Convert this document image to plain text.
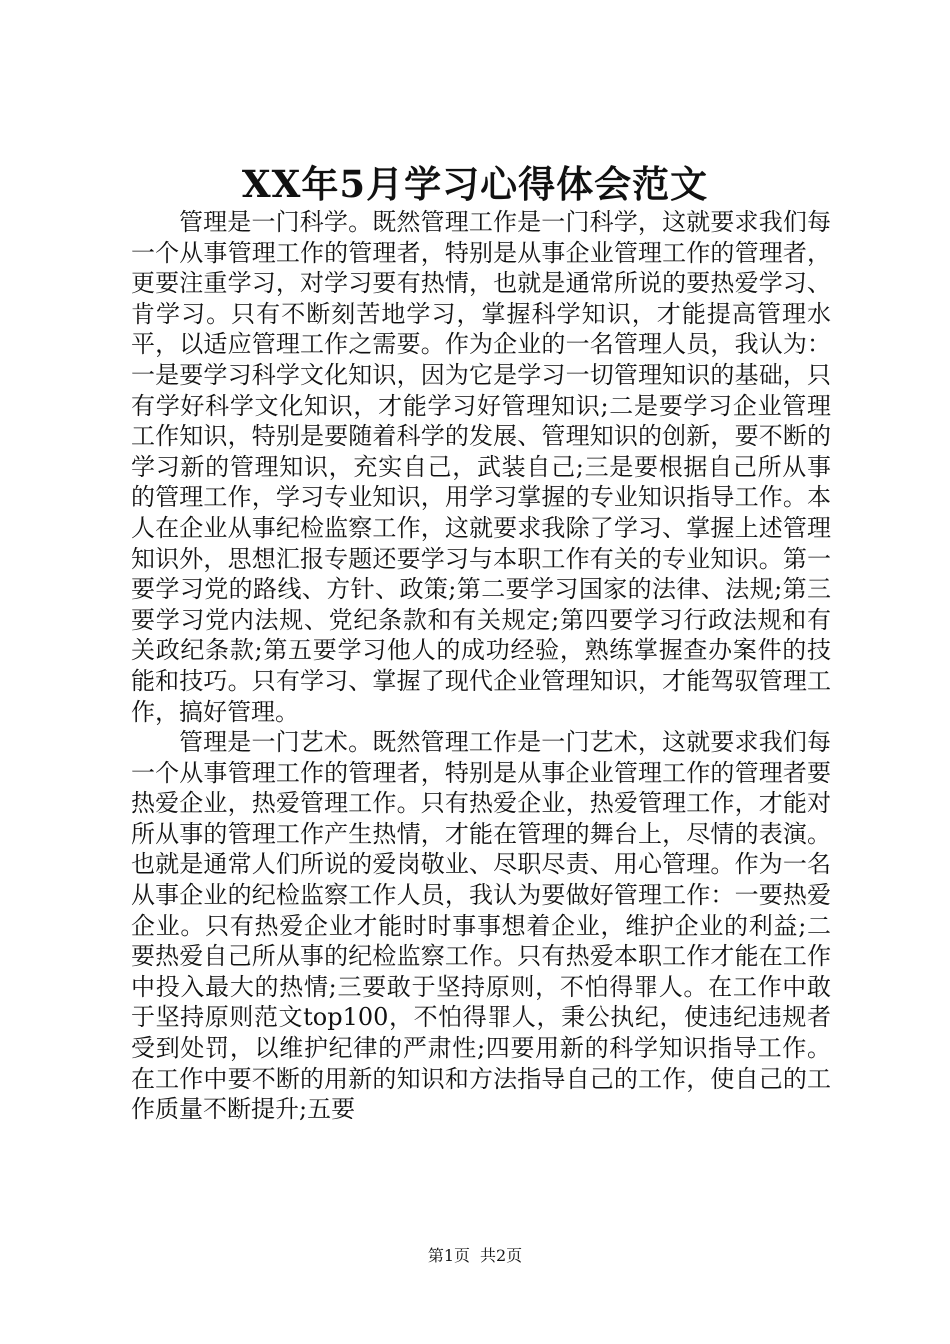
XX年5月学习心得体会范文

管理是一门科学。既然管理工作是一门科学，这就要求我们每一个从事管理工作的管理者，特别是从事企业管理工作的管理者，更要注重学习，对学习要有热情，也就是通常所说的要热爱学习、肯学习。只有不断刻苦地学习，掌握科学知识，才能提高管理水平，以适应管理工作之需要。作为企业的一名管理人员，我认为：一是要学习科学文化知识，因为它是学习一切管理知识的基础，只有学好科学文化知识，才能学习好管理知识;二是要学习企业管理工作知识，特别是要随着科学的发展、管理知识的创新，要不断的学习新的管理知识，充实自己，武装自己;三是要根据自己所从事的管理工作，学习专业知识，用学习掌握的专业知识指导工作。本人在企业从事纪检监察工作，这就要求我除了学习、掌握上述管理知识外，思想汇报专题还要学习与本职工作有关的专业知识。第一要学习党的路线、方针、政策;第二要学习国家的法律、法规;第三要学习党内法规、党纪条款和有关规定;第四要学习行政法规和有关政纪条款;第五要学习他人的成功经验，熟练掌握查办案件的技能和技巧。只有学习、掌握了现代企业管理知识，才能驾驭管理工作，搞好管理。

管理是一门艺术。既然管理工作是一门艺术，这就要求我们每一个从事管理工作的管理者，特别是从事企业管理工作的管理者要热爱企业，热爱管理工作。只有热爱企业，热爱管理工作，才能对所从事的管理工作产生热情，才能在管理的舞台上，尽情的表演。也就是通常人们所说的爱岗敬业、尽职尽责、用心管理。作为一名从事企业的纪检监察工作人员，我认为要做好管理工作：一要热爱企业。只有热爱企业才能时时事事想着企业，维护企业的利益;二要热爱自己所从事的纪检监察工作。只有热爱本职工作才能在工作中投入最大的热情;三要敢于坚持原则，不怕得罪人。在工作中敢于坚持原则范文top100，不怕得罪人，秉公执纪，使违纪违规者受到处罚，以维护纪律的严肃性;四要用新的科学知识指导工作。在工作中要不断的用新的知识和方法指导自己的工作，使自己的工作质量不断提升;五要

第1页 共2页
